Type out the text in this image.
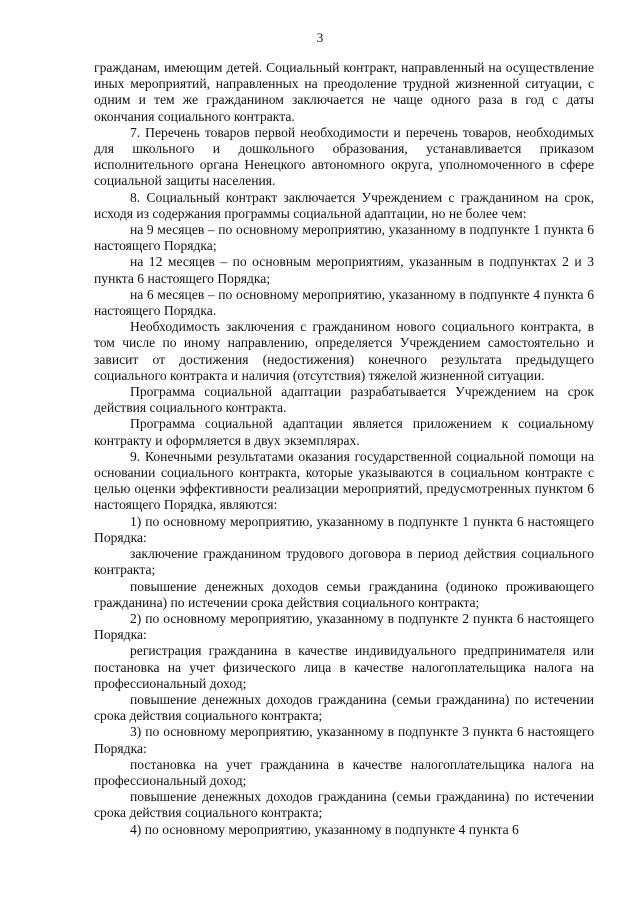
3

гражданам, имеющим детей. Социальный контракт, направленный на осуществление иных мероприятий, направленных на преодоление трудной жизненной ситуации, с одним и тем же гражданином заключается не чаще одного раза в год с даты окончания социального контракта.

7. Перечень товаров первой необходимости и перечень товаров, необходимых для школьного и дошкольного образования, устанавливается приказом исполнительного органа Ненецкого автономного округа, уполномоченного в сфере социальной защиты населения.

8. Социальный контракт заключается Учреждением с гражданином на срок, исходя из содержания программы социальной адаптации, но не более чем:

на 9 месяцев – по основному мероприятию, указанному в подпункте 1 пункта 6 настоящего Порядка;

на 12 месяцев – по основным мероприятиям, указанным в подпунктах 2 и 3 пункта 6 настоящего Порядка;

на 6 месяцев – по основному мероприятию, указанному в подпункте 4 пункта 6 настоящего Порядка.

Необходимость заключения с гражданином нового социального контракта, в том числе по иному направлению, определяется Учреждением самостоятельно и зависит от достижения (недостижения) конечного результата предыдущего социального контракта и наличия (отсутствия) тяжелой жизненной ситуации.

Программа социальной адаптации разрабатывается Учреждением на срок действия социального контракта.

Программа социальной адаптации является приложением к социальному контракту и оформляется в двух экземплярах.

9. Конечными результатами оказания государственной социальной помощи на основании социального контракта, которые указываются в социальном контракте с целью оценки эффективности реализации мероприятий, предусмотренных пунктом 6 настоящего Порядка, являются:

1) по основному мероприятию, указанному в подпункте 1 пункта 6 настоящего Порядка:

заключение гражданином трудового договора в период действия социального контракта;

повышение денежных доходов семьи гражданина (одиноко проживающего гражданина) по истечении срока действия социального контракта;

2) по основному мероприятию, указанному в подпункте 2 пункта 6 настоящего Порядка:

регистрация гражданина в качестве индивидуального предпринимателя или постановка на учет физического лица в качестве налогоплательщика налога на профессиональный доход;

повышение денежных доходов гражданина (семьи гражданина) по истечении срока действия социального контракта;

3) по основному мероприятию, указанному в подпункте 3 пункта 6 настоящего Порядка:

постановка на учет гражданина в качестве налогоплательщика налога на профессиональный доход;

повышение денежных доходов гражданина (семьи гражданина) по истечении срока действия социального контракта;

4) по основному мероприятию, указанному в подпункте 4 пункта 6
